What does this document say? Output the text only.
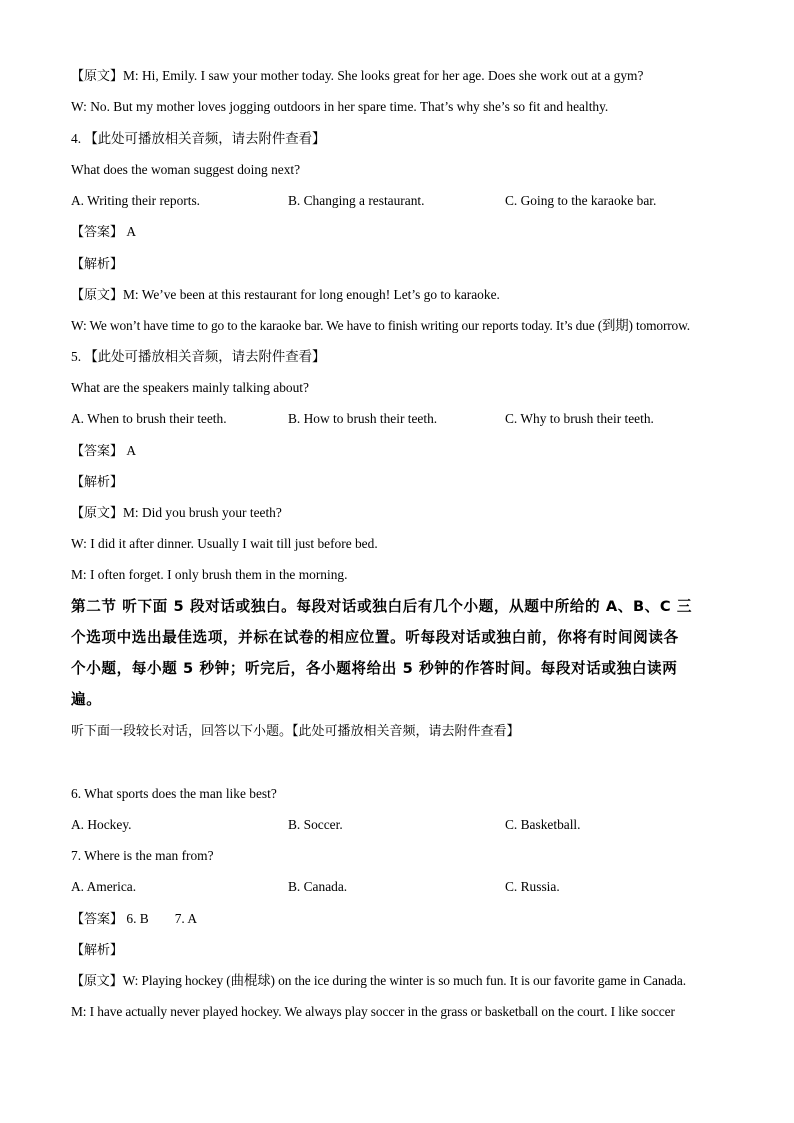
【原文】M: Hi, Emily. I saw your mother today. She looks great for her age. Does she work out at a gym?
W: No. But my mother loves jogging outdoors in her spare time. That’s why she’s so fit and healthy.
4. 【此处可播放相关音频，请去附件查看】
What does the woman suggest doing next?
A. Writing their reports.	B. Changing a restaurant.	C. Going to the karaoke bar.
【答案】 A
【解析】
【原文】M: We’ve been at this restaurant for long enough! Let’s go to karaoke.
W: We won’t have time to go to the karaoke bar. We have to finish writing our reports today. It’s due (到期) tomorrow.
5. 【此处可播放相关音频，请去附件查看】
What are the speakers mainly talking about?
A. When to brush their teeth.	B. How to brush their teeth.	C. Why to brush their teeth.
【答案】 A
【解析】
【原文】M: Did you brush your teeth?
W: I did it after dinner. Usually I wait till just before bed.
M: I often forget. I only brush them in the morning.
第二节 听下面 5 段对话或独白。每段对话或独白后有几个小题，从题中所给的 A、B、C 三
个选项中选出最佳选项，并标在试卷的相应位置。听每段对话或独白前，你将有时间阅读各
个小题，每小题 5 秒钟；听完后，各小题将给出 5 秒钟的作答时间。每段对话或独白读两
遍。
听下面一段较长对话，回答以下小题。【此处可播放相关音频，请去附件查看】
6. What sports does the man like best?
A. Hockey.	B. Soccer.	C. Basketball.
7. Where is the man from?
A. America.	B. Canada.	C. Russia.
【答案】 6. B 7. A
【解析】
【原文】W: Playing hockey (曲棍球) on the ice during the winter is so much fun. It is our favorite game in Canada.
M: I have actually never played hockey. We always play soccer in the grass or basketball on the court. I like soccer
